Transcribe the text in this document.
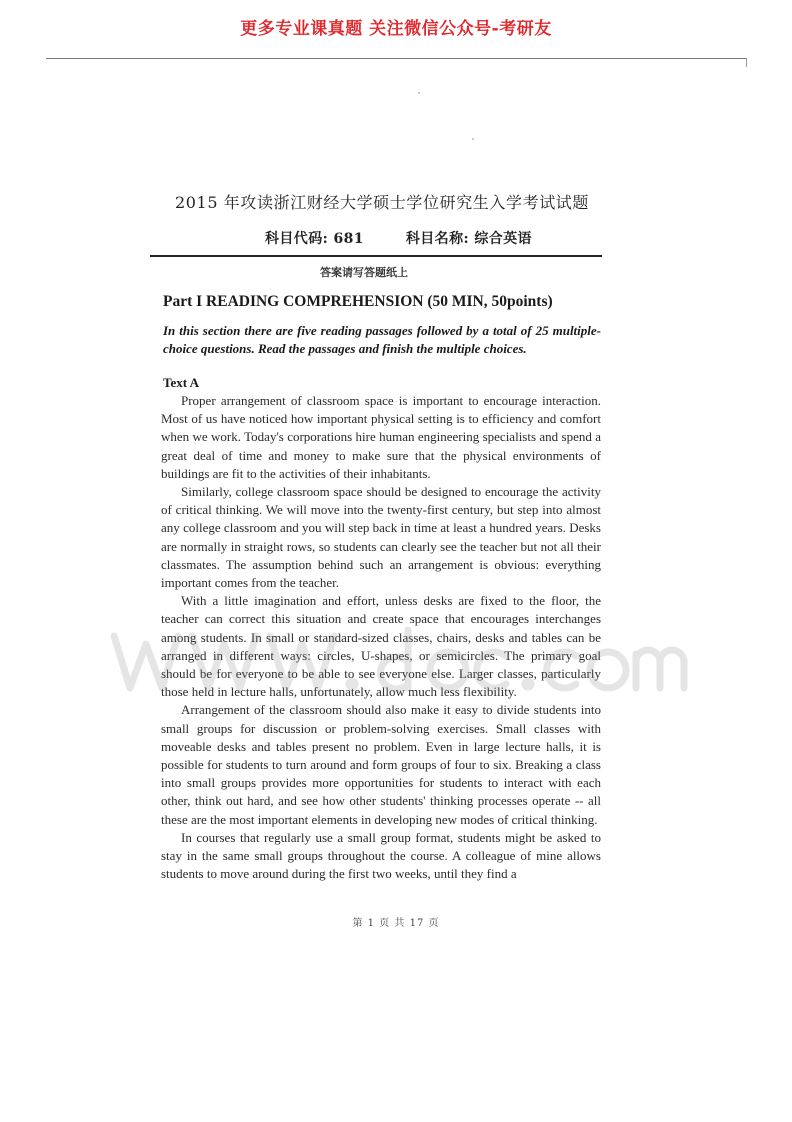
更多专业课真题 关注微信公众号-考研友
2015 年攻读浙江财经大学硕士学位研究生入学考试试题
科目代码: 681	科目名称: 综合英语
答案请写答题纸上
Part I READING COMPREHENSION (50 MIN, 50points)
In this section there are five reading passages followed by a total of 25 multiple-choice questions. Read the passages and finish the multiple choices.
Text A

Proper arrangement of classroom space is important to encourage interaction. Most of us have noticed how important physical setting is to efficiency and comfort when we work. Today's corporations hire human engineering specialists and spend a great deal of time and money to make sure that the physical environments of buildings are fit to the activities of their inhabitants.

Similarly, college classroom space should be designed to encourage the activity of critical thinking. We will move into the twenty-first century, but step into almost any college classroom and you will step back in time at least a hundred years. Desks are normally in straight rows, so students can clearly see the teacher but not all their classmates. The assumption behind such an arrangement is obvious: everything important comes from the teacher.

With a little imagination and effort, unless desks are fixed to the floor, the teacher can correct this situation and create space that encourages interchanges among students. In small or standard-sized classes, chairs, desks and tables can be arranged in different ways: circles, U-shapes, or semicircles. The primary goal should be for everyone to be able to see everyone else. Larger classes, particularly those held in lecture halls, unfortunately, allow much less flexibility.

Arrangement of the classroom should also make it easy to divide students into small groups for discussion or problem-solving exercises. Small classes with moveable desks and tables present no problem. Even in large lecture halls, it is possible for students to turn around and form groups of four to six. Breaking a class into small groups provides more opportunities for students to interact with each other, think out hard, and see how other students' thinking processes operate -- all these are the most important elements in developing new modes of critical thinking.

In courses that regularly use a small group format, students might be asked to stay in the same small groups throughout the course. A colleague of mine allows students to move around during the first two weeks, until they find a

第 1 页 共 17 页
